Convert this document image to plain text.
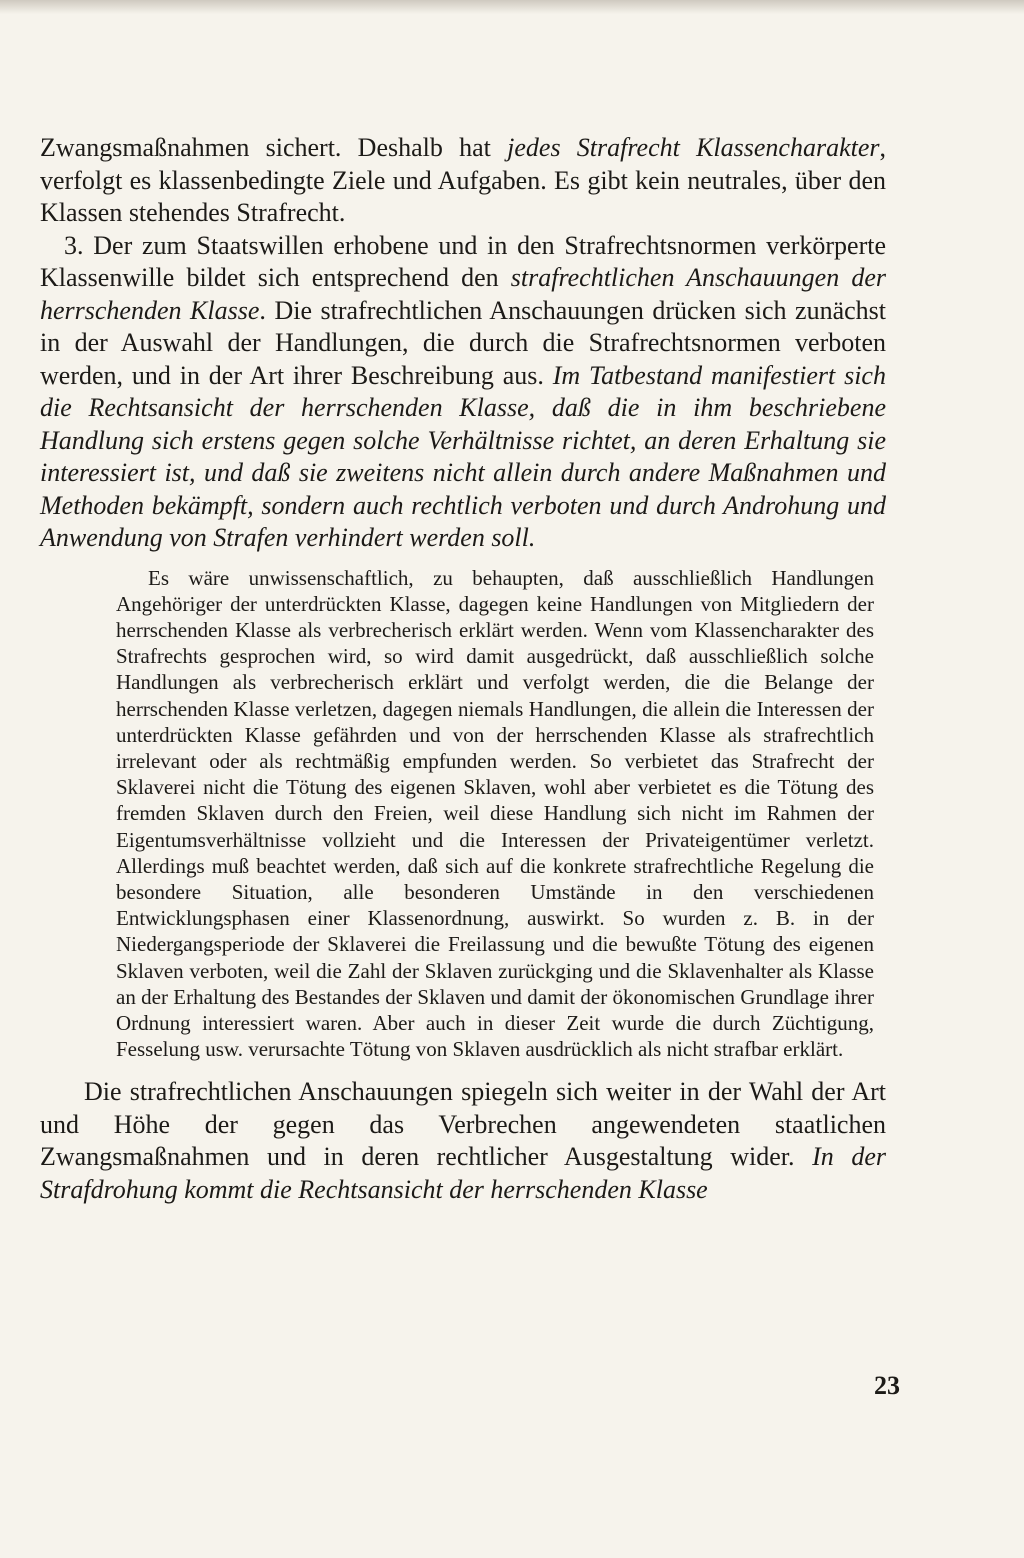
Zwangsmaßnahmen sichert. Deshalb hat jedes Strafrecht Klassencharakter, verfolgt es klassenbedingte Ziele und Aufgaben. Es gibt kein neutrales, über den Klassen stehendes Strafrecht.

3. Der zum Staatswillen erhobene und in den Strafrechtsnormen verkörperte Klassenwille bildet sich entsprechend den strafrechtlichen Anschauungen der herrschenden Klasse. Die strafrechtlichen Anschauungen drücken sich zunächst in der Auswahl der Handlungen, die durch die Strafrechtsnormen verboten werden, und in der Art ihrer Beschreibung aus. Im Tatbestand manifestiert sich die Rechtsansicht der herrschenden Klasse, daß die in ihm beschriebene Handlung sich erstens gegen solche Verhältnisse richtet, an deren Erhaltung sie interessiert ist, und daß sie zweitens nicht allein durch andere Maßnahmen und Methoden bekämpft, sondern auch rechtlich verboten und durch Androhung und Anwendung von Strafen verhindert werden soll.

Es wäre unwissenschaftlich, zu behaupten, daß ausschließlich Handlungen Angehöriger der unterdrückten Klasse, dagegen keine Handlungen von Mitgliedern der herrschenden Klasse als verbrecherisch erklärt werden. Wenn vom Klassencharakter des Strafrechts gesprochen wird, so wird damit ausgedrückt, daß ausschließlich solche Handlungen als verbrecherisch erklärt und verfolgt werden, die die Belange der herrschenden Klasse verletzen, dagegen niemals Handlungen, die allein die Interessen der unterdrückten Klasse gefährden und von der herrschenden Klasse als strafrechtlich irrelevant oder als rechtmäßig empfunden werden. So verbietet das Strafrecht der Sklaverei nicht die Tötung des eigenen Sklaven, wohl aber verbietet es die Tötung des fremden Sklaven durch den Freien, weil diese Handlung sich nicht im Rahmen der Eigentumsverhältnisse vollzieht und die Interessen der Privateigentümer verletzt. Allerdings muß beachtet werden, daß sich auf die konkrete strafrechtliche Regelung die besondere Situation, alle besonderen Umstände in den verschiedenen Entwicklungsphasen einer Klassenordnung, auswirkt. So wurden z. B. in der Niedergangsperiode der Sklaverei die Freilassung und die bewußte Tötung des eigenen Sklaven verboten, weil die Zahl der Sklaven zurückging und die Sklavenhalter als Klasse an der Erhaltung des Bestandes der Sklaven und damit der ökonomischen Grundlage ihrer Ordnung interessiert waren. Aber auch in dieser Zeit wurde die durch Züchtigung, Fesselung usw. verursachte Tötung von Sklaven ausdrücklich als nicht strafbar erklärt.

Die strafrechtlichen Anschauungen spiegeln sich weiter in der Wahl der Art und Höhe der gegen das Verbrechen angewendeten staatlichen Zwangsmaßnahmen und in deren rechtlicher Ausgestaltung wider. In der Strafdrohung kommt die Rechtsansicht der herrschenden Klasse

23
